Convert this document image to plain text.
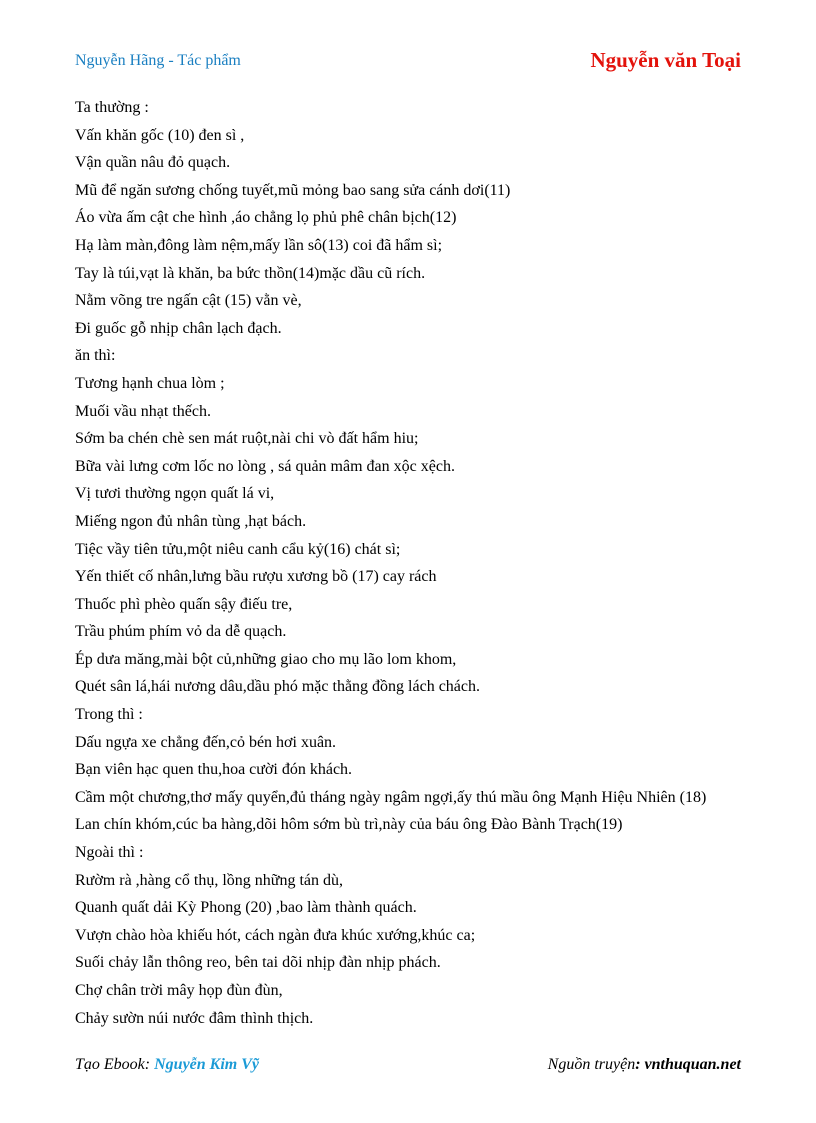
Nguyễn Hãng - Tác phẩm	Nguyễn văn Toại
Ta thường :
Vấn khăn gốc (10) đen sì ,
Vận quần nâu đỏ quạch.
Mũ để ngăn sương chống tuyết,mũ mỏng bao sang sửa cánh dơi(11)
Áo vừa ấm cật che hình ,áo chẳng lọ phủ phê chân bịch(12)
Hạ làm màn,đông làm nệm,mấy lần sô(13) coi đã hẩm sì;
Tay là túi,vạt là khăn, ba bức thồn(14)mặc dầu cũ rích.
Nằm võng tre ngấn cật (15) vằn vè,
Đi guốc gỗ nhịp chân lạch đạch.
ăn thì:
Tương hạnh chua lòm ;
Muối vầu nhạt thếch.
Sớm ba chén chè sen mát ruột,nài chi vò đất hẩm hiu;
Bữa vài lưng cơm lốc no lòng , sá quản mâm đan xộc xệch.
Vị tươi thường ngọn quất lá vi,
Miếng ngon đủ nhân tùng ,hạt bách.
Tiệc vầy tiên tửu,một niêu canh cẩu kỷ(16) chát sì;
Yến thiết cố nhân,lưng bầu rượu xương bồ (17) cay rách
Thuốc phì phèo quấn sậy điếu tre,
Trầu phúm phím vỏ da dễ quạch.
Ép dưa măng,mài bột củ,những giao cho mụ lão lom khom,
Quét sân lá,hái nương dâu,dầu phó mặc thằng đồng lách chách.
Trong thì :
Dấu ngựa xe chẳng đến,cỏ bén hơi xuân.
Bạn viên hạc quen thu,hoa cười đón khách.
Cầm một chương,thơ mấy quyển,đủ tháng ngày ngâm ngợi,ấy thú mầu ông Mạnh Hiệu Nhiên (18)
Lan chín khóm,cúc ba hàng,dõi hôm sớm bù trì,này của báu ông Đào Bành Trạch(19)
Ngoài thì :
Rườm rà ,hàng cổ thụ, lồng những tán dù,
Quanh quất dải Kỳ Phong (20) ,bao làm thành quách.
Vượn chào hòa khiếu hót, cách ngàn đưa khúc xướng,khúc ca;
Suối chảy lẫn thông reo, bên tai dõi nhịp đàn nhịp phách.
Chợ chân trời mây họp đùn đùn,
Chảy sườn núi nước đâm thình thịch.
Tạo Ebook: Nguyễn Kim Vỹ	Nguồn truyện: vnthuquan.net
